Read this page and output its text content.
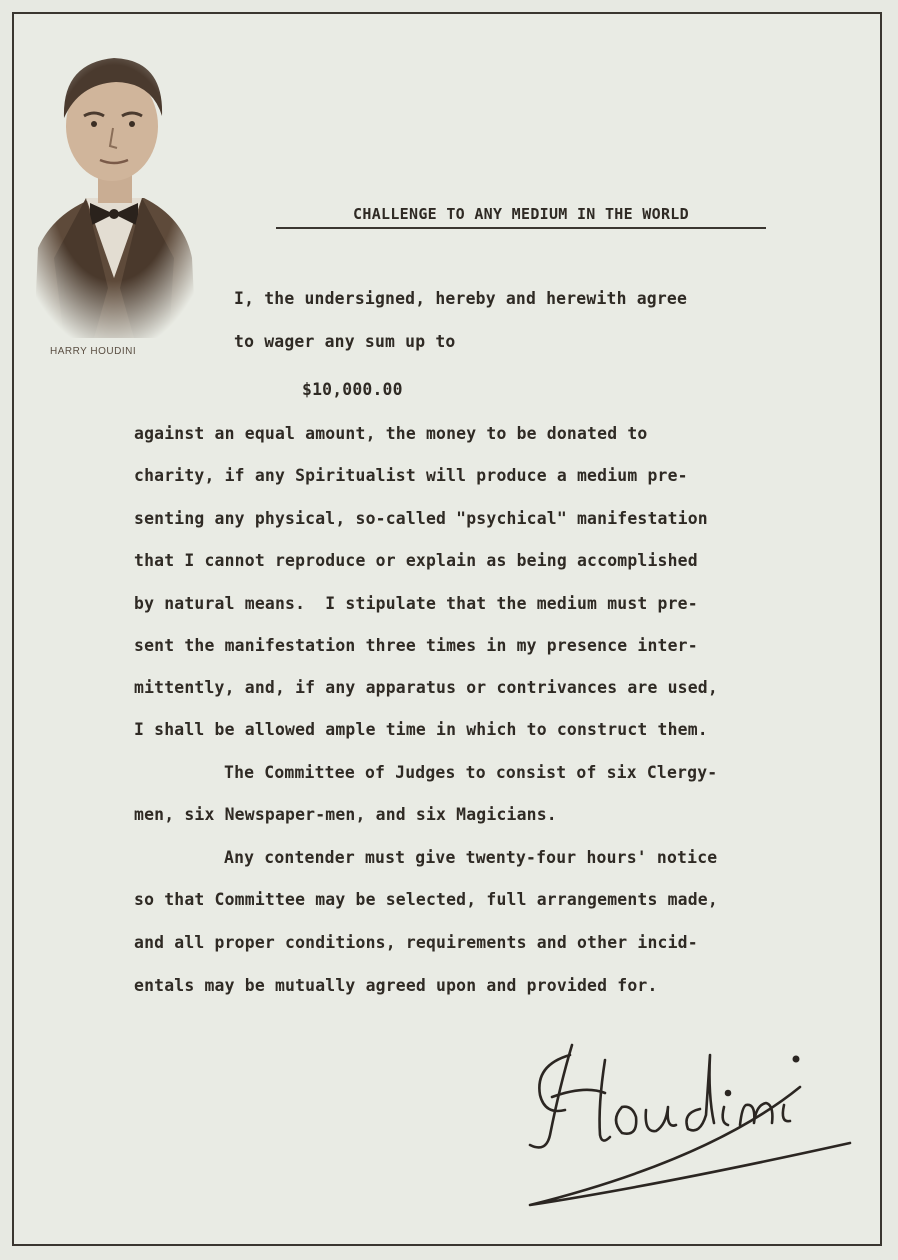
HARRY HOUDINI
CHALLENGE TO ANY MEDIUM IN THE WORLD
I, the undersigned, hereby and herewith agree
to wager any sum up to
$10,000.00
against an equal amount, the money to be donated to
charity, if any Spiritualist will produce a medium pre-
senting any physical, so-called "psychical" manifestation
that I cannot reproduce or explain as being accomplished
by natural means.  I stipulate that the medium must pre-
sent the manifestation three times in my presence inter-
mittently, and, if any apparatus or contrivances are used,
I shall be allowed ample time in which to construct them.
The Committee of Judges to consist of six Clergy-
men, six Newspaper-men, and six Magicians.
Any contender must give twenty-four hours' notice
so that Committee may be selected, full arrangements made,
and all proper conditions, requirements and other incid-
entals may be mutually agreed upon and provided for.
